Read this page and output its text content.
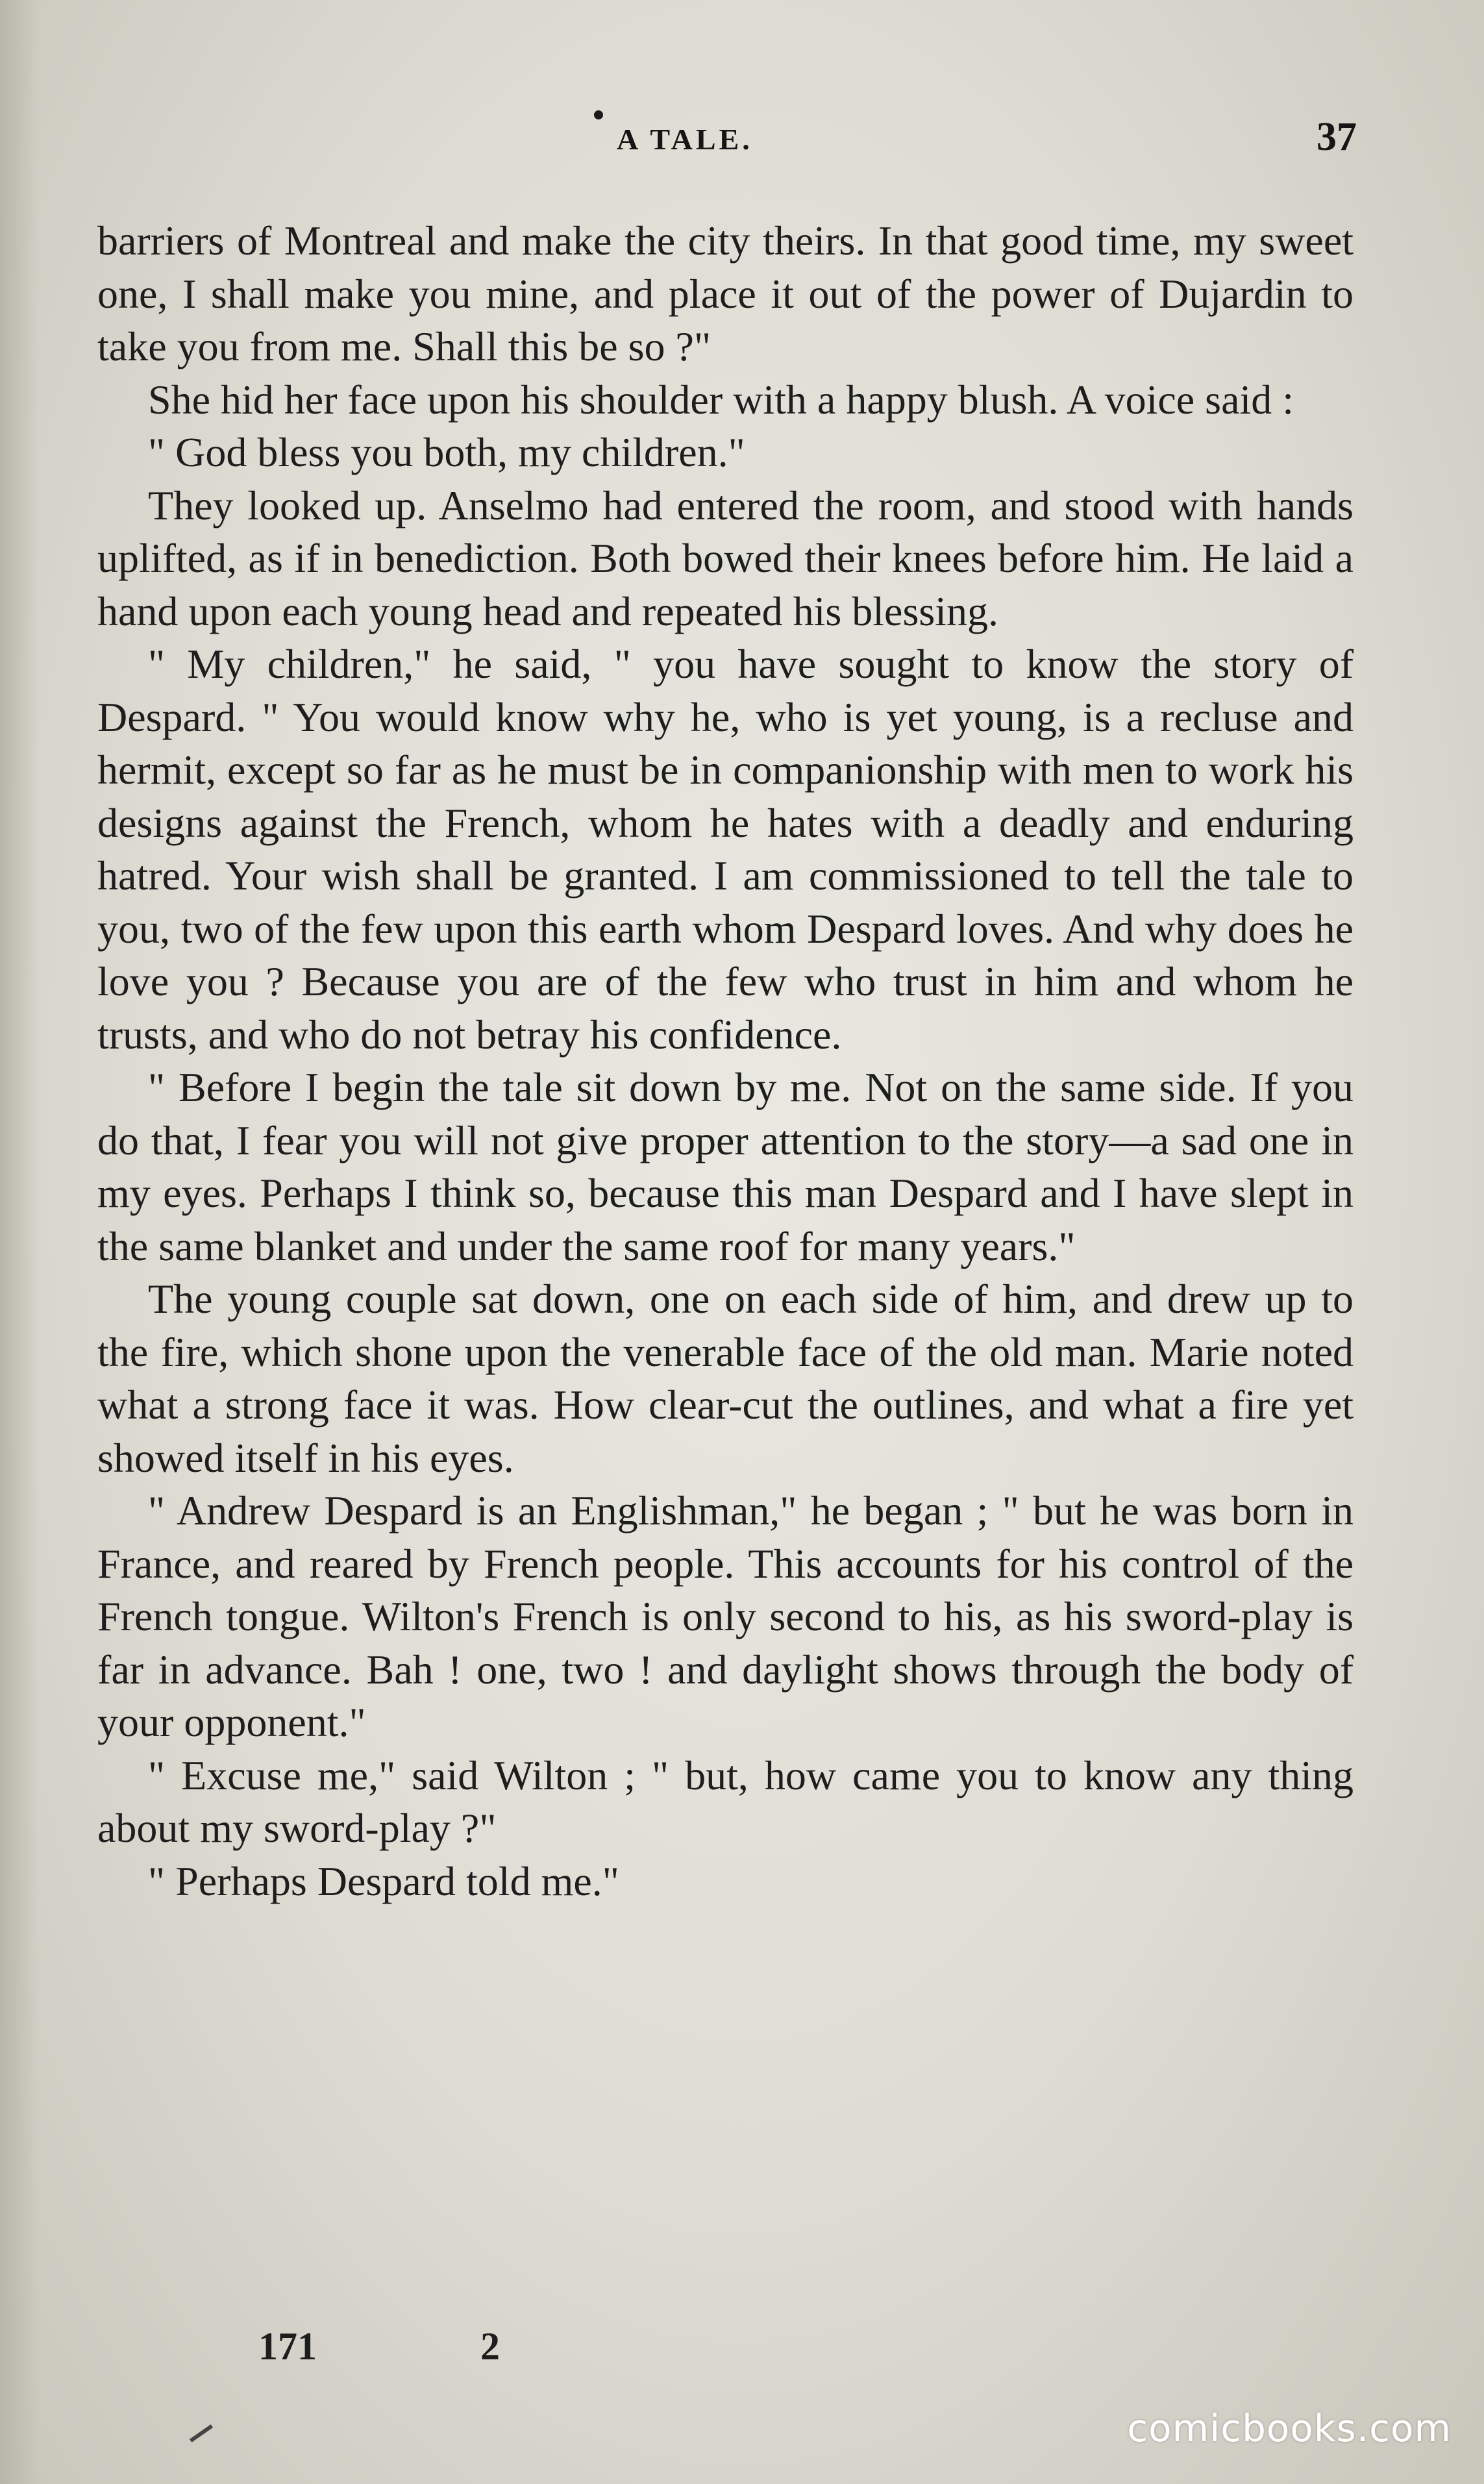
A TALE.	37

barriers of Montreal and make the city theirs. In that good time, my sweet one, I shall make you mine, and place it out of the power of Dujardin to take you from me. Shall this be so ?"

She hid her face upon his shoulder with a happy blush. A voice said :

" God bless you both, my children."

They looked up. Anselmo had entered the room, and stood with hands uplifted, as if in benediction. Both bowed their knees before him. He laid a hand upon each young head and repeated his blessing.

" My children," he said, " you have sought to know the story of Despard. " You would know why he, who is yet young, is a recluse and hermit, except so far as he must be in companionship with men to work his designs against the French, whom he hates with a deadly and enduring hatred. Your wish shall be granted. I am commissioned to tell the tale to you, two of the few upon this earth whom Despard loves. And why does he love you ? Because you are of the few who trust in him and whom he trusts, and who do not betray his confidence.

" Before I begin the tale sit down by me. Not on the same side. If you do that, I fear you will not give proper attention to the story—a sad one in my eyes. Perhaps I think so, because this man Despard and I have slept in the same blanket and under the same roof for many years."

The young couple sat down, one on each side of him, and drew up to the fire, which shone upon the venerable face of the old man. Marie noted what a strong face it was. How clear-cut the outlines, and what a fire yet showed itself in his eyes.

" Andrew Despard is an Englishman," he began ; " but he was born in France, and reared by French people. This accounts for his control of the French tongue. Wilton's French is only second to his, as his sword-play is far in advance. Bah ! one, two ! and daylight shows through the body of your opponent."

" Excuse me," said Wilton ; " but, how came you to know any thing about my sword-play ?"

" Perhaps Despard told me."

171	2
comicbooks.com
